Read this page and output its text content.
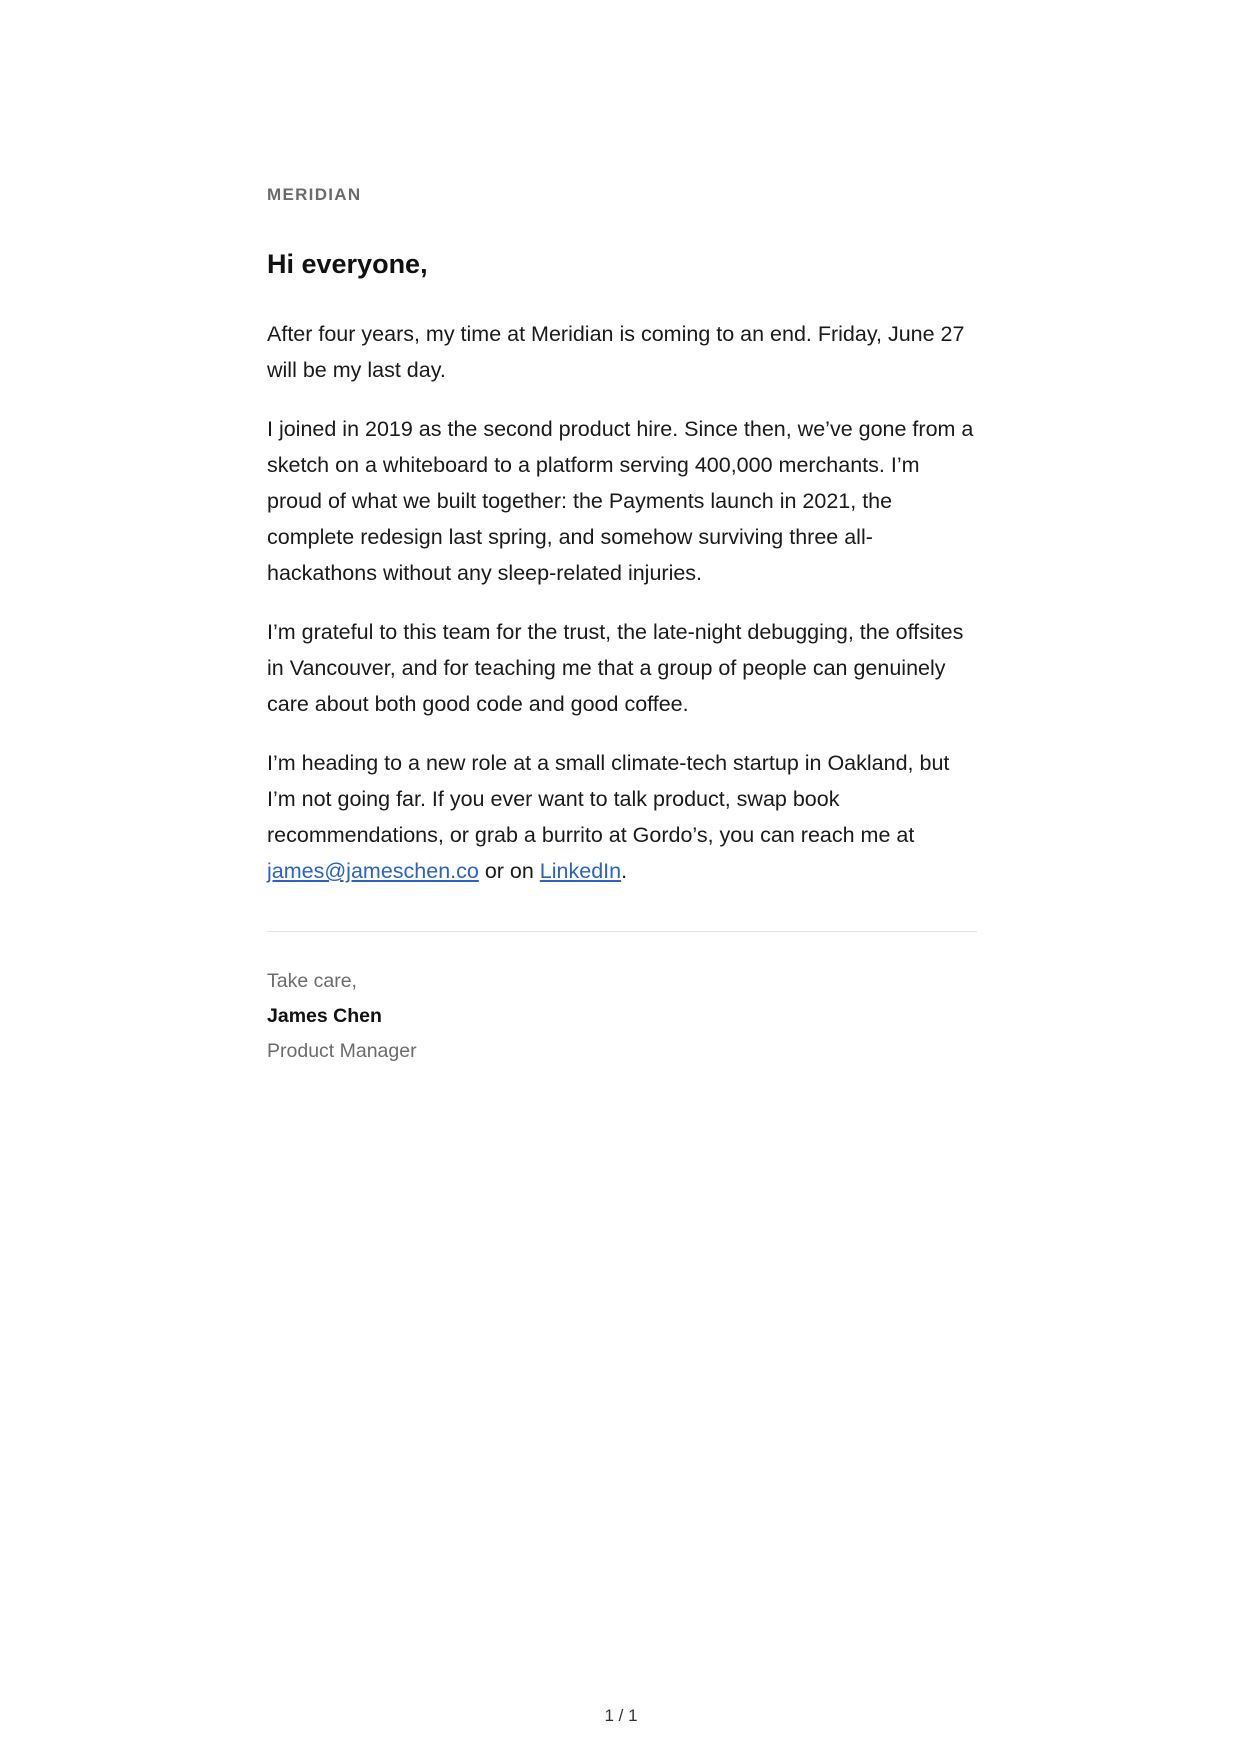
MERIDIAN
Hi everyone,

After four years, my time at Meridian is coming to an end. Friday, June 27 will be my last day.

I joined in 2019 as the second product hire. Since then, we’ve gone from a sketch on a whiteboard to a platform serving 400,000 merchants. I’m proud of what we built together: the Payments launch in 2021, the complete redesign last spring, and somehow surviving three all-hackathons without any sleep-related injuries.

I’m grateful to this team for the trust, the late-night debugging, the offsites in Vancouver, and for teaching me that a group of people can genuinely care about both good code and good coffee.

I’m heading to a new role at a small climate-tech startup in Oakland, but I’m not going far. If you ever want to talk product, swap book recommendations, or grab a burrito at Gordo’s, you can reach me at james@jameschen.co or on LinkedIn.

Take care,
James Chen
Product Manager
1 / 1
